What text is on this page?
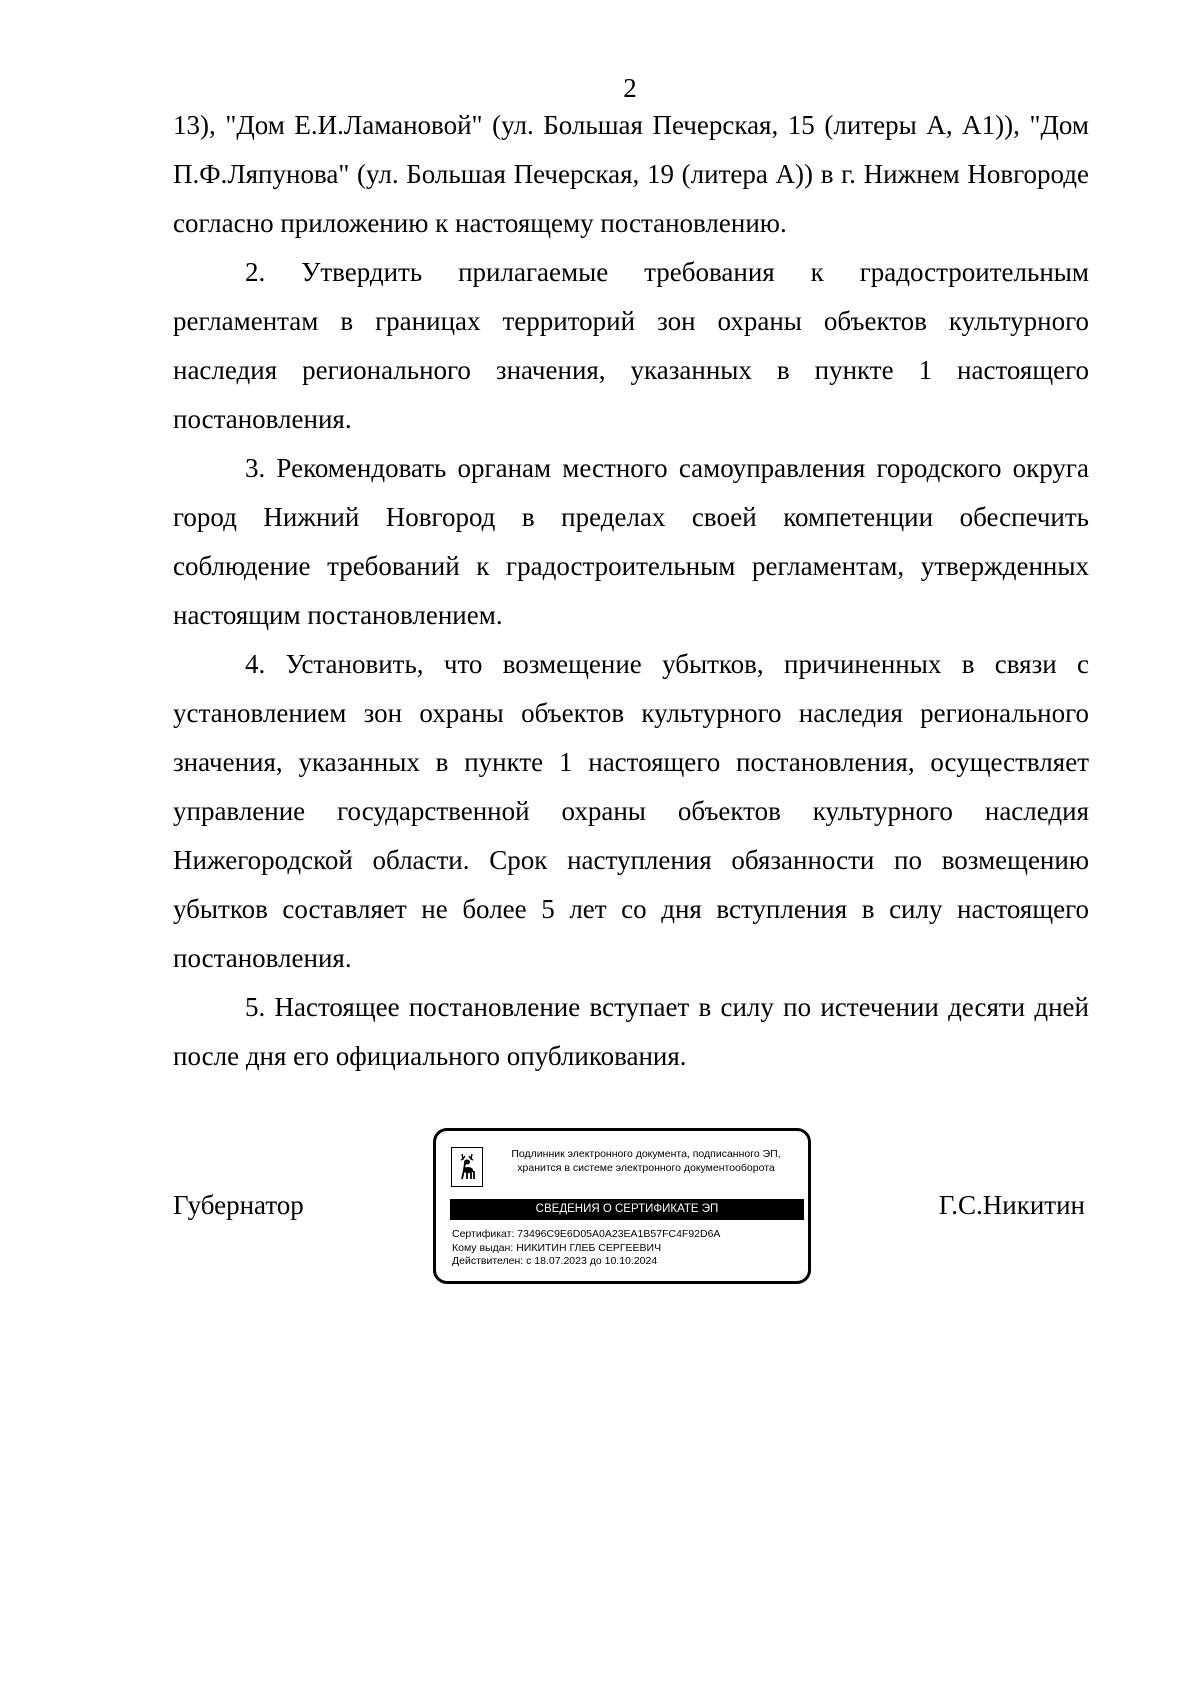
2

13), "Дом Е.И.Ламановой" (ул. Большая Печерская, 15 (литеры А, А1)), "Дом П.Ф.Ляпунова" (ул. Большая Печерская, 19 (литера А)) в г. Нижнем Новгороде согласно приложению к настоящему постановлению.

2. Утвердить прилагаемые требования к градостроительным регламентам в границах территорий зон охраны объектов культурного наследия регионального значения, указанных в пункте 1 настоящего постановления.

3. Рекомендовать органам местного самоуправления городского округа город Нижний Новгород в пределах своей компетенции обеспечить соблюдение требований к градостроительным регламентам, утвержденных настоящим постановлением.

4. Установить, что возмещение убытков, причиненных в связи с установлением зон охраны объектов культурного наследия регионального значения, указанных в пункте 1 настоящего постановления, осуществляет управление государственной охраны объектов культурного наследия Нижегородской области. Срок наступления обязанности по возмещению убытков составляет не более 5 лет со дня вступления в силу настоящего постановления.

5. Настоящее постановление вступает в силу по истечении десяти дней после дня его официального опубликования.

Губернатор	Г.С.Никитин
Подлинник электронного документа, подписанного ЭП,
хранится в системе электронного документооборота
СВЕДЕНИЯ О СЕРТИФИКАТЕ ЭП
Сертификат: 73496C9E6D05A0A23EA1B57FC4F92D6A
Кому выдан: НИКИТИН ГЛЕБ СЕРГЕЕВИЧ
Действителен: с 18.07.2023 до 10.10.2024
